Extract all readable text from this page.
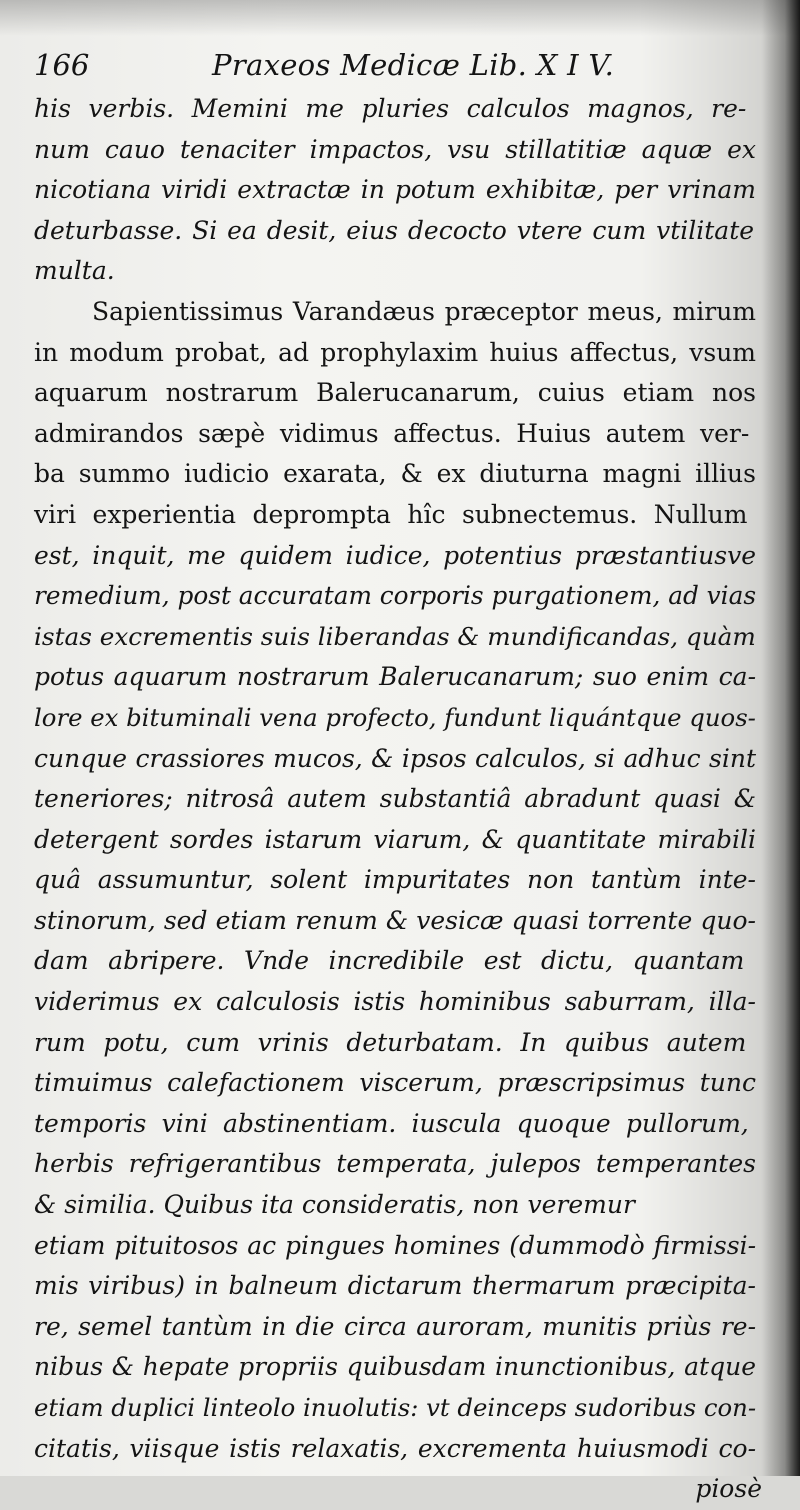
166	Praxeos Medicæ Lib. X I V.
his verbis. Memini me pluries calculos magnos, re-
num cauo tenaciter impactos, vsu stillatitiæ aquæ ex
nicotiana viridi extractæ in potum exhibitæ, per vrinam
deturbasse. Si ea desit, eius decocto vtere cum vtilitate
multa.
Sapientissimus Varandæus præceptor meus, mirum
in modum probat, ad prophylaxim huius affectus, vsum
aquarum nostrarum Balerucanarum, cuius etiam nos
admirandos sæpè vidimus affectus. Huius autem ver-
ba summo iudicio exarata, & ex diuturna magni illius
viri experientia deprompta hîc subnectemus. Nullum
est, inquit, me quidem iudice, potentius præstantiusve
remedium, post accuratam corporis purgationem, ad vias
istas excrementis suis liberandas & mundificandas, quàm
potus aquarum nostrarum Balerucanarum; suo enim ca-
lore ex bituminali vena profecto, fundunt liquántque quos-
cunque crassiores mucos, & ipsos calculos, si adhuc sint
teneriores; nitrosâ autem substantiâ abradunt quasi &
detergent sordes istarum viarum, & quantitate mirabili
quâ assumuntur, solent impuritates non tantùm inte-
stinorum, sed etiam renum & vesicæ quasi torrente quo-
dam abripere. Vnde incredibile est dictu, quantam
viderimus ex calculosis istis hominibus saburram, illa-
rum potu, cum vrinis deturbatam. In quibus autem
timuimus calefactionem viscerum, præscripsimus tunc
temporis vini abstinentiam. iuscula quoque pullorum,
herbis refrigerantibus temperata, julepos temperantes
& similia. Quibus ita consideratis, non veremur
etiam pituitosos ac pingues homines (dummodò firmissi-
mis viribus) in balneum dictarum thermarum præcipita-
re, semel tantùm in die circa auroram, munitis priùs re-
nibus & hepate propriis quibusdam inunctionibus, atque
etiam duplici linteolo inuolutis: vt deinceps sudoribus con-
citatis, viisque istis relaxatis, excrementa huiusmodi co-
piosè
